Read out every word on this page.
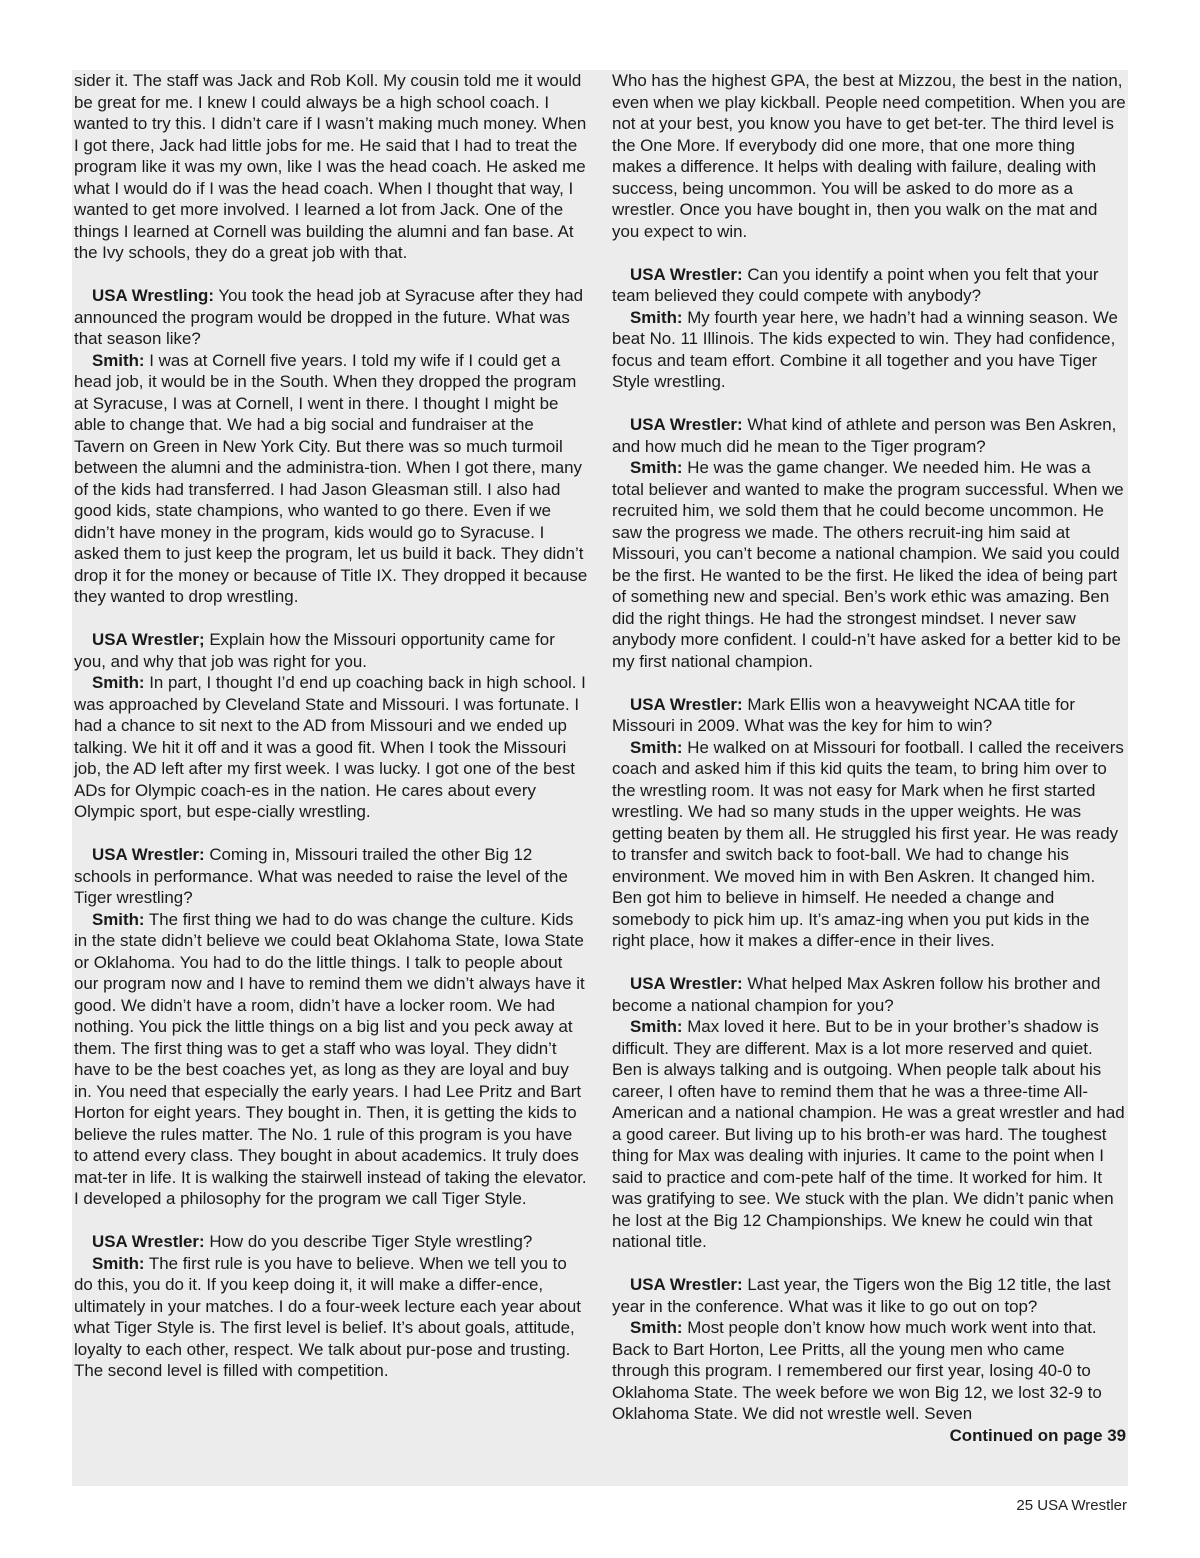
sider it. The staff was Jack and Rob Koll. My cousin told me it would be great for me. I knew I could always be a high school coach. I wanted to try this. I didn’t care if I wasn’t making much money. When I got there, Jack had little jobs for me. He said that I had to treat the program like it was my own, like I was the head coach. He asked me what I would do if I was the head coach. When I thought that way, I wanted to get more involved. I learned a lot from Jack. One of the things I learned at Cornell was building the alumni and fan base. At the Ivy schools, they do a great job with that.

USA Wrestling: You took the head job at Syracuse after they had announced the program would be dropped in the future. What was that season like?

Smith: I was at Cornell five years. I told my wife if I could get a head job, it would be in the South. When they dropped the program at Syracuse, I was at Cornell, I went in there. I thought I might be able to change that. We had a big social and fundraiser at the Tavern on Green in New York City. But there was so much turmoil between the alumni and the administra-tion. When I got there, many of the kids had transferred. I had Jason Gleasman still. I also had good kids, state champions, who wanted to go there. Even if we didn’t have money in the program, kids would go to Syracuse. I asked them to just keep the program, let us build it back. They didn’t drop it for the money or because of Title IX. They dropped it because they wanted to drop wrestling.

USA Wrestler; Explain how the Missouri opportunity came for you, and why that job was right for you.

Smith: In part, I thought I’d end up coaching back in high school. I was approached by Cleveland State and Missouri. I was fortunate. I had a chance to sit next to the AD from Missouri and we ended up talking. We hit it off and it was a good fit. When I took the Missouri job, the AD left after my first week. I was lucky. I got one of the best ADs for Olympic coach-es in the nation. He cares about every Olympic sport, but espe-cially wrestling.

USA Wrestler: Coming in, Missouri trailed the other Big 12 schools in performance. What was needed to raise the level of the Tiger wrestling?

Smith: The first thing we had to do was change the culture. Kids in the state didn’t believe we could beat Oklahoma State, Iowa State or Oklahoma. You had to do the little things. I talk to people about our program now and I have to remind them we didn’t always have it good. We didn’t have a room, didn’t have a locker room. We had nothing. You pick the little things on a big list and you peck away at them. The first thing was to get a staff who was loyal. They didn’t have to be the best coaches yet, as long as they are loyal and buy in. You need that especially the early years. I had Lee Pritz and Bart Horton for eight years. They bought in. Then, it is getting the kids to believe the rules matter. The No. 1 rule of this program is you have to attend every class. They bought in about academics. It truly does mat-ter in life. It is walking the stairwell instead of taking the elevator. I developed a philosophy for the program we call Tiger Style.

USA Wrestler: How do you describe Tiger Style wrestling?

Smith: The first rule is you have to believe. When we tell you to do this, you do it. If you keep doing it, it will make a differ-ence, ultimately in your matches. I do a four-week lecture each year about what Tiger Style is. The first level is belief. It’s about goals, attitude, loyalty to each other, respect. We talk about pur-pose and trusting. The second level is filled with competition.

Who has the highest GPA, the best at Mizzou, the best in the nation, even when we play kickball. People need competition. When you are not at your best, you know you have to get bet-ter. The third level is the One More. If everybody did one more, that one more thing makes a difference. It helps with dealing with failure, dealing with success, being uncommon. You will be asked to do more as a wrestler. Once you have bought in, then you walk on the mat and you expect to win.

USA Wrestler: Can you identify a point when you felt that your team believed they could compete with anybody?

Smith: My fourth year here, we hadn’t had a winning season. We beat No. 11 Illinois. The kids expected to win. They had confidence, focus and team effort. Combine it all together and you have Tiger Style wrestling.

USA Wrestler: What kind of athlete and person was Ben Askren, and how much did he mean to the Tiger program?

Smith: He was the game changer. We needed him. He was a total believer and wanted to make the program successful. When we recruited him, we sold them that he could become uncommon. He saw the progress we made. The others recruit-ing him said at Missouri, you can’t become a national champion. We said you could be the first. He wanted to be the first. He liked the idea of being part of something new and special. Ben’s work ethic was amazing. Ben did the right things. He had the strongest mindset. I never saw anybody more confident. I could-n’t have asked for a better kid to be my first national champion.

USA Wrestler: Mark Ellis won a heavyweight NCAA title for Missouri in 2009. What was the key for him to win?

Smith: He walked on at Missouri for football. I called the receivers coach and asked him if this kid quits the team, to bring him over to the wrestling room. It was not easy for Mark when he first started wrestling. We had so many studs in the upper weights. He was getting beaten by them all. He struggled his first year. He was ready to transfer and switch back to foot-ball. We had to change his environment. We moved him in with Ben Askren. It changed him. Ben got him to believe in himself. He needed a change and somebody to pick him up. It’s amaz-ing when you put kids in the right place, how it makes a differ-ence in their lives.

USA Wrestler: What helped Max Askren follow his brother and become a national champion for you?

Smith: Max loved it here. But to be in your brother’s shadow is difficult. They are different. Max is a lot more reserved and quiet. Ben is always talking and is outgoing. When people talk about his career, I often have to remind them that he was a three-time All-American and a national champion. He was a great wrestler and had a good career. But living up to his broth-er was hard. The toughest thing for Max was dealing with injuries. It came to the point when I said to practice and com-pete half of the time. It worked for him. It was gratifying to see. We stuck with the plan. We didn’t panic when he lost at the Big 12 Championships. We knew he could win that national title.

USA Wrestler: Last year, the Tigers won the Big 12 title, the last year in the conference. What was it like to go out on top?

Smith: Most people don’t know how much work went into that. Back to Bart Horton, Lee Pritts, all the young men who came through this program. I remembered our first year, losing 40-0 to Oklahoma State. The week before we won Big 12, we lost 32-9 to Oklahoma State. We did not wrestle well. Seven

Continued on page 39

25 USA Wrestler
